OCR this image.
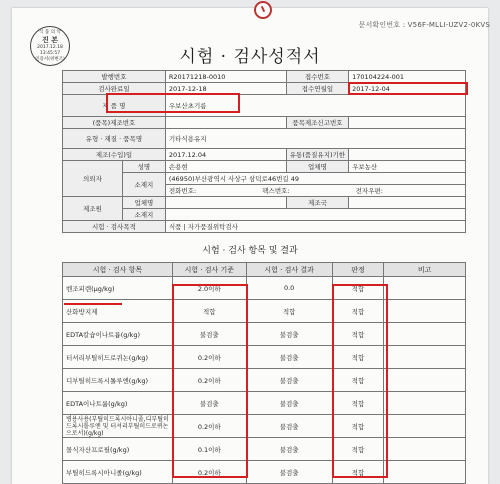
문서확인번호 : V56F-MLLI-UZV2-0KVS
식 품 의 약
진 본
2017.12.18
13:45:57
인증서(위변조)	시험 · 검사성적서
발행번호		R20171218-0010	접수번호	170104224-001
검사완료일		2017-12-18	접수연월일	2017-12-04
제 품 명		우보산초기름		
(품목)제조번호			품목제조신고번호	
유형 · 재질 · 품목명		기타식용유지		
제조(수입)일		2017.12.04	유통(품질유지)기한	
의뢰자	성명	손용현	업체명	우보농산
	소재지	(46950)부산광역시 사상구 삼덕로46번길 49		
		전화번호: 팩스번호: 전자우편:		
제조원	업체명		제조국	
	소재지			
시험 · 검사목적		식품 | 자가품질위탁검사		
시험 · 검사 항목 및 결과
시험 · 검사 항목	시험 · 검사 기준	시험 · 검사 결과	판정	비고
벤조피렌(μg/kg)	2.0이하	0.0	적합	
산화방지제	적합	적합	적합	
EDTA칼슘이나트륨(g/kg)	불검출	불검출	적합	
터셔리부틸히드로퀴논(g/kg)	0.2이하	불검출	적합	
디부틸히드록시톨루엔(g/kg)	0.2이하	불검출	적합	
EDTA이나트륨(g/kg)	불검출	불검출	적합	
병용사용(부틸히드록시아니졸,디부틸히드록시톨루엔 및 터셔리부틸히드로퀴논으로서)(g/kg)	0.2이하	불검출	적합	
몰식자산프로필(g/kg)	0.1이하	불검출	적합	
부틸히드록시아니졸(g/kg)	0.2이하	불검출	적합	
